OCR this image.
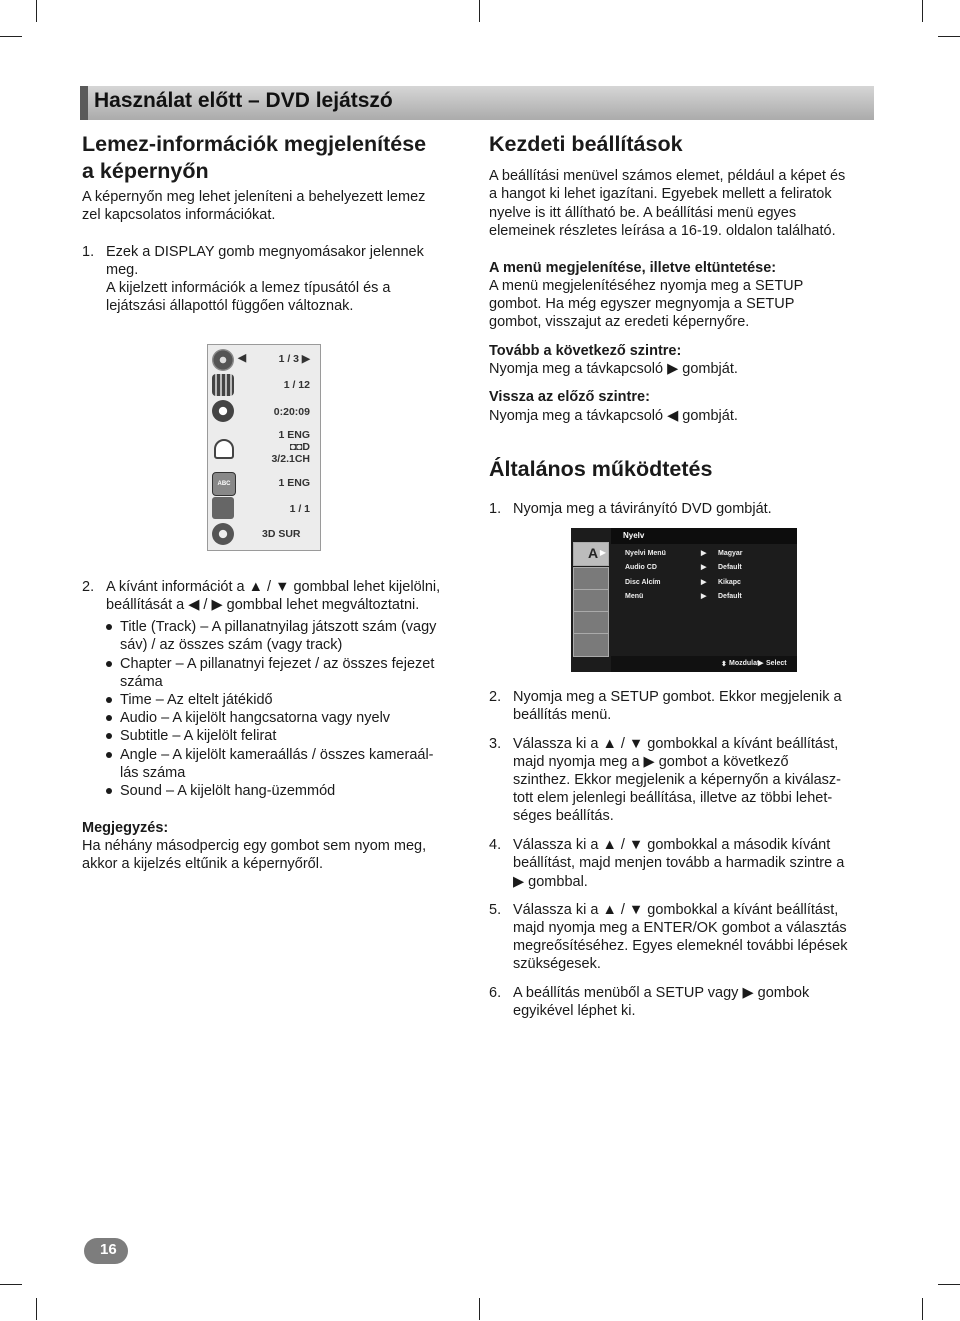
Használat előtt – DVD lejátszó
Lemez-információk megjelenítése
a képernyőn
A képernyőn meg lehet jeleníteni a behelyezett lemez
zel kapcsolatos információkat.
1. Ezek a DISPLAY gomb megnyomásakor jelennek
meg.
A kijelzett információk a lemez típusától és a
lejátszási állapottól függően változnak.
◀	1 / 3 ▶
1 / 12
0:20:09
1 ENG
◘◘D
3/2.1CH
ABC	1 ENG
1 / 1
3D SUR
2. A kívánt információt a ▲ / ▼ gombbal lehet kijelölni,
beállítását a ◀ / ▶ gombbal lehet megváltoztatni.
Title (Track) – A pillanatnyilag játszott szám (vagy
sáv) / az összes szám (vagy track)
Chapter – A pillanatnyi fejezet / az összes fejezet
száma
Time – Az eltelt játékidő
Audio – A kijelölt hangcsatorna vagy nyelv
Subtitle – A kijelölt felirat
Angle – A kijelölt kameraállás / összes kameraál-
lás száma
Sound – A kijelölt hang-üzemmód
Megjegyzés:
Ha néhány másodpercig egy gombot sem nyom meg,
akkor a kijelzés eltűnik a képernyőről.
Kezdeti beállítások
A beállítási menüvel számos elemet, például a képet és
a hangot ki lehet igazítani. Egyebek mellett a feliratok
nyelve is itt állítható be. A beállítási menü egyes
elemeinek részletes leírása a 16-19. oldalon található.
A menü megjelenítése, illetve eltüntetése:
A menü megjelenítéséhez nyomja meg a SETUP
gombot. Ha még egyszer megnyomja a SETUP
gombot, visszajut az eredeti képernyőre.
Tovább a következő szintre:
Nyomja meg a távkapcsoló ▶ gombját.
Vissza az előző szintre:
Nyomja meg a távkapcsoló ◀ gombját.
Általános működtetés
1. Nyomja meg a távirányító DVD gombját.
Nyelv
A ▶	Nyelvi Menü	▶ Magyar
Audio CD	▶ Default
Disc Alcím	▶ Kikapc
Menü	▶ Default
⬍ Mozdulat
▶ Select
2. Nyomja meg a SETUP gombot. Ekkor megjelenik a
beállítás menü.
3. Válassza ki a ▲ / ▼ gombokkal a kívánt beállítást,
majd nyomja meg a ▶ gombot a következő
szinthez. Ekkor megjelenik a képernyőn a kiválasz-
tott elem jelenlegi beállítása, illetve az többi lehet-
séges beállítás.
4. Válassza ki a ▲ / ▼ gombokkal a második kívánt
beállítást, majd menjen tovább a harmadik szintre a
▶ gombbal.
5. Válassza ki a ▲ / ▼ gombokkal a kívánt beállítást,
majd nyomja meg a ENTER/OK gombot a választás
megreősítéséhez. Egyes elemeknél további lépések
szükségesek.
6. A beállítás menüből a SETUP vagy ▶ gombok
egyikével léphet ki.
16
